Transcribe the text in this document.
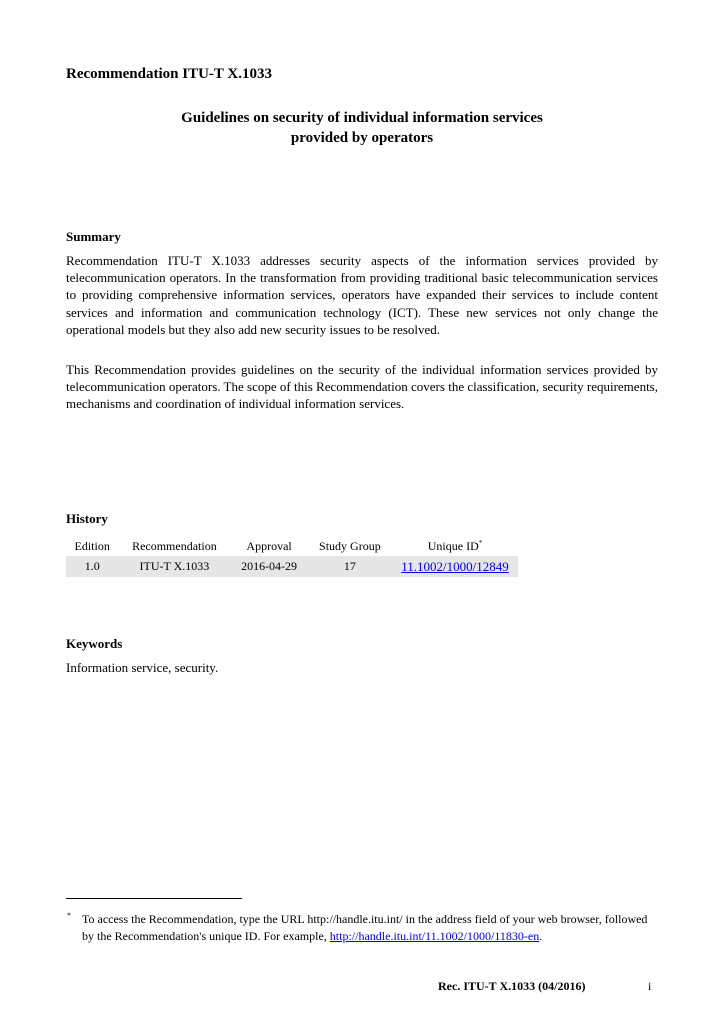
Recommendation ITU-T X.1033
Guidelines on security of individual information services
provided by operators
Summary

Recommendation ITU-T X.1033 addresses security aspects of the information services provided by telecommunication operators. In the transformation from providing traditional basic telecommunication services to providing comprehensive information services, operators have expanded their services to include content services and information and communication technology (ICT). These new services not only change the operational models but they also add new security issues to be resolved.

This Recommendation provides guidelines on the security of the individual information services provided by telecommunication operators. The scope of this Recommendation covers the classification, security requirements, mechanisms and coordination of individual information services.

History
Edition	Recommendation	Approval	Study Group	Unique ID*
1.0	ITU-T X.1033	2016-04-29	17	11.1002/1000/12849
Keywords

Information service, security.

* To access the Recommendation, type the URL http://handle.itu.int/ in the address field of your web browser, followed by the Recommendation's unique ID. For example, http://handle.itu.int/11.1002/1000/11830-en.

Rec. ITU-T X.1033 (04/2016)	i
